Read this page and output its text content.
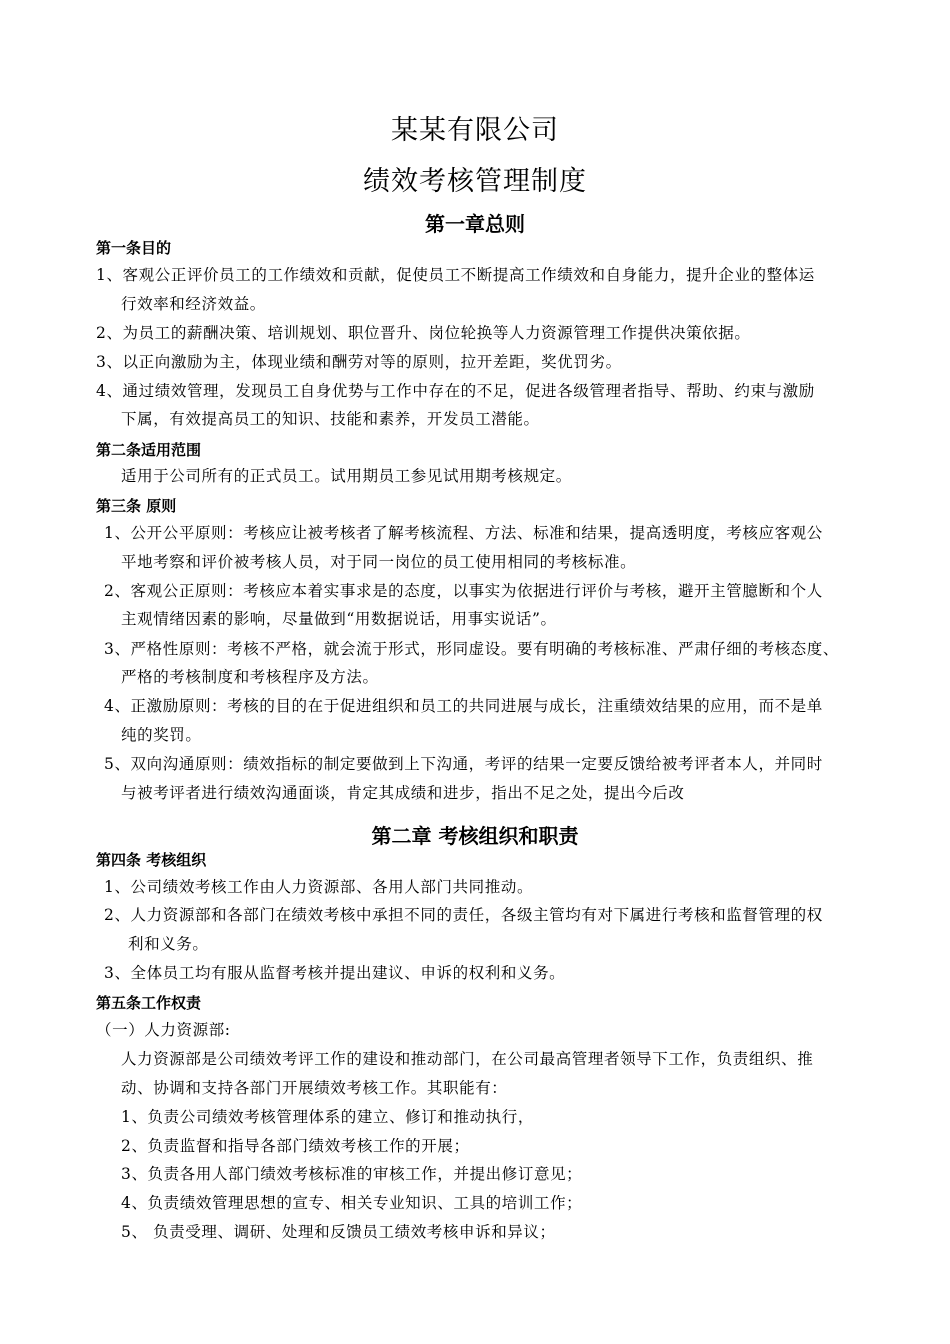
某某有限公司
绩效考核管理制度
第一章总则
第一条目的
1、客观公正评价员工的工作绩效和贡献，促使员工不断提高工作绩效和自身能力，提升企业的整体运
行效率和经济效益。
2、为员工的薪酬决策、培训规划、职位晋升、岗位轮换等人力资源管理工作提供决策依据。
3、以正向激励为主，体现业绩和酬劳对等的原则，拉开差距，奖优罚劣。
4、通过绩效管理，发现员工自身优势与工作中存在的不足，促进各级管理者指导、帮助、约束与激励
下属，有效提高员工的知识、技能和素养，开发员工潜能。
第二条适用范围
适用于公司所有的正式员工。试用期员工参见试用期考核规定。
第三条 原则
1、公开公平原则：考核应让被考核者了解考核流程、方法、标准和结果，提高透明度，考核应客观公
平地考察和评价被考核人员，对于同一岗位的员工使用相同的考核标准。
2、客观公正原则：考核应本着实事求是的态度，以事实为依据进行评价与考核，避开主管臆断和个人
主观情绪因素的影响，尽量做到“用数据说话，用事实说话”。
3、严格性原则：考核不严格，就会流于形式，形同虚设。要有明确的考核标准、严肃仔细的考核态度、
严格的考核制度和考核程序及方法。
4、正激励原则：考核的目的在于促进组织和员工的共同进展与成长，注重绩效结果的应用，而不是单
纯的奖罚。
5、双向沟通原则：绩效指标的制定要做到上下沟通，考评的结果一定要反馈给被考评者本人，并同时
与被考评者进行绩效沟通面谈，肯定其成绩和进步，指出不足之处，提出今后改
第二章 考核组织和职责
第四条 考核组织
1、公司绩效考核工作由人力资源部、各用人部门共同推动。
2、人力资源部和各部门在绩效考核中承担不同的责任，各级主管均有对下属进行考核和监督管理的权
利和义务。
3、全体员工均有服从监督考核并提出建议、申诉的权利和义务。
第五条工作权责
（一）人力资源部:
人力资源部是公司绩效考评工作的建设和推动部门，在公司最高管理者领导下工作，负责组织、推
动、协调和支持各部门开展绩效考核工作。其职能有：
1、负责公司绩效考核管理体系的建立、修订和推动执行，
2、负责监督和指导各部门绩效考核工作的开展；
3、负责各用人部门绩效考核标准的审核工作，并提出修订意见；
4、负责绩效管理思想的宣专、相关专业知识、工具的培训工作；
5、 负责受理、调研、处理和反馈员工绩效考核申诉和异议；
